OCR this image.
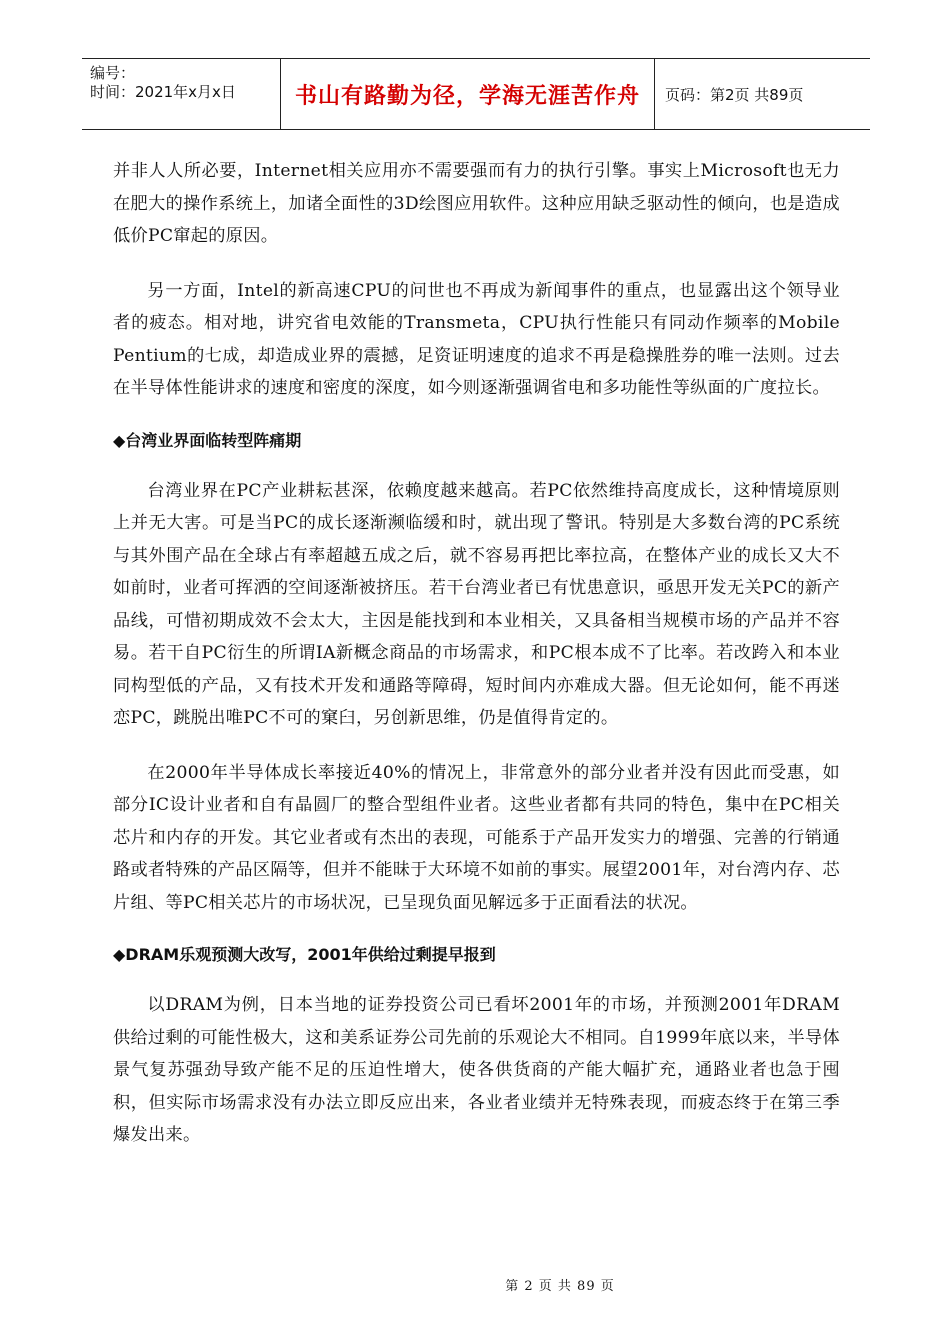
编号：
时间：2021年x月x日	书山有路勤为径，学海无涯苦作舟 页码：第2页 共89页

并非人人所必要，Internet相关应用亦不需要强而有力的执行引擎。事实上Microsoft也无力在肥大的操作系统上，加诸全面性的3D绘图应用软件。这种应用缺乏驱动性的倾向，也是造成低价PC窜起的原因。

另一方面，Intel的新高速CPU的问世也不再成为新闻事件的重点，也显露出这个领导业者的疲态。相对地，讲究省电效能的Transmeta，CPU执行性能只有同动作频率的Mobile Pentium的七成，却造成业界的震撼，足资证明速度的追求不再是稳操胜券的唯一法则。过去在半导体性能讲求的速度和密度的深度，如今则逐渐强调省电和多功能性等纵面的广度拉长。

◆台湾业界面临转型阵痛期

台湾业界在PC产业耕耘甚深，依赖度越来越高。若PC依然维持高度成长，这种情境原则上并无大害。可是当PC的成长逐渐濒临缓和时，就出现了警讯。特别是大多数台湾的PC系统与其外围产品在全球占有率超越五成之后，就不容易再把比率拉高，在整体产业的成长又大不如前时，业者可挥洒的空间逐渐被挤压。若干台湾业者已有忧患意识，亟思开发无关PC的新产品线，可惜初期成效不会太大，主因是能找到和本业相关，又具备相当规模市场的产品并不容易。若干自PC衍生的所谓IA新概念商品的市场需求，和PC根本成不了比率。若改跨入和本业同构型低的产品，又有技术开发和通路等障碍，短时间内亦难成大器。但无论如何，能不再迷恋PC，跳脱出唯PC不可的窠臼，另创新思维，仍是值得肯定的。

在2000年半导体成长率接近40%的情况上，非常意外的部分业者并没有因此而受惠，如部分IC设计业者和自有晶圆厂的整合型组件业者。这些业者都有共同的特色，集中在PC相关芯片和内存的开发。其它业者或有杰出的表现，可能系于产品开发实力的增强、完善的行销通路或者特殊的产品区隔等，但并不能昧于大环境不如前的事实。展望2001年，对台湾内存、芯片组、等PC相关芯片的市场状况，已呈现负面见解远多于正面看法的状况。

◆DRAM乐观预测大改写，2001年供给过剩提早报到

以DRAM为例，日本当地的证券投资公司已看坏2001年的市场，并预测2001年DRAM供给过剩的可能性极大，这和美系证券公司先前的乐观论大不相同。自1999年底以来，半导体景气复苏强劲导致产能不足的压迫性增大，使各供货商的产能大幅扩充，通路业者也急于囤积，但实际市场需求没有办法立即反应出来，各业者业绩并无特殊表现，而疲态终于在第三季爆发出来。

第 2 页 共 89 页
